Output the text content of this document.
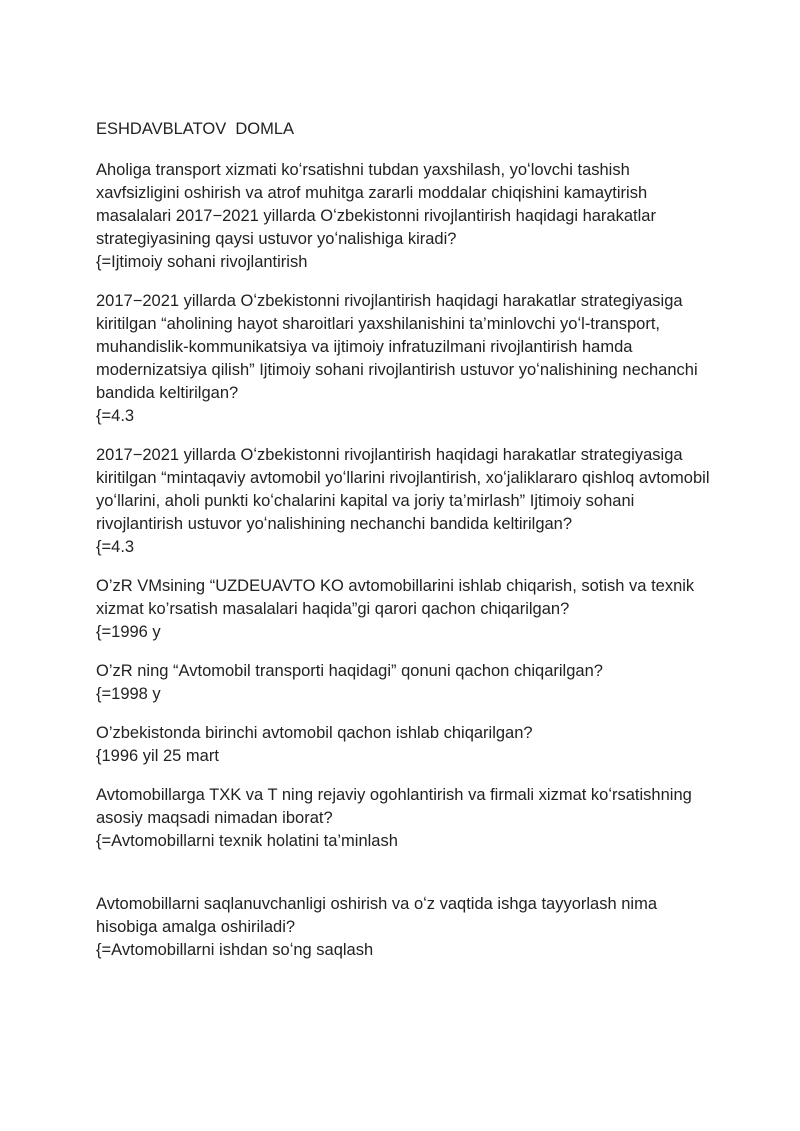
ESHDAVBLATOV  DOMLA
Aholiga transport xizmati koʻrsatishni tubdan yaxshilash, yoʻlovchi tashish xavfsizligini oshirish va atrof muhitga zararli moddalar chiqishini kamaytirish masalalari 2017−2021 yillarda Oʻzbekistonni rivojlantirish haqidagi harakatlar strategiyasining qaysi ustuvor yoʻnalishiga kiradi?
{=Ijtimoiy sohani rivojlantirish
2017−2021 yillarda Oʻzbekistonni rivojlantirish haqidagi harakatlar strategiyasiga kiritilgan “aholining hayot sharoitlari yaxshilanishini ta’minlovchi yoʻl-transport, muhandislik-kommunikatsiya va ijtimoiy infratuzilmani rivojlantirish hamda modernizatsiya qilish” Ijtimoiy sohani rivojlantirish ustuvor yoʻnalishining nechanchi bandida keltirilgan?
{=4.3
2017−2021 yillarda Oʻzbekistonni rivojlantirish haqidagi harakatlar strategiyasiga kiritilgan “mintaqaviy avtomobil yoʻllarini rivojlantirish, xoʻjaliklararo qishloq avtomobil yoʻllarini, aholi punkti koʻchalarini kapital va joriy ta’mirlash” Ijtimoiy sohani rivojlantirish ustuvor yoʻnalishining nechanchi bandida keltirilgan?
{=4.3
O’zR VMsining “UZDEUAVTO KO avtomobillarini ishlab chiqarish, sotish va texnik xizmat ko’rsatish masalalari haqida”gi qarori qachon chiqarilgan?
{=1996 y
O’zR ning “Avtomobil transporti haqidagi” qonuni qachon chiqarilgan?
{=1998 y
O’zbekistonda birinchi avtomobil qachon ishlab chiqarilgan?
{1996 yil 25 mart
Avtomobillarga TXK va T ning rejaviy ogohlantirish va firmali xizmat koʻrsatishning asosiy maqsadi nimadan iborat?
{=Avtomobillarni texnik holatini ta’minlash
Avtomobillarni saqlanuvchanligi oshirish va oʻz vaqtida ishga tayyorlash nima hisobiga amalga oshiriladi?
{=Avtomobillarni ishdan soʻng saqlash
